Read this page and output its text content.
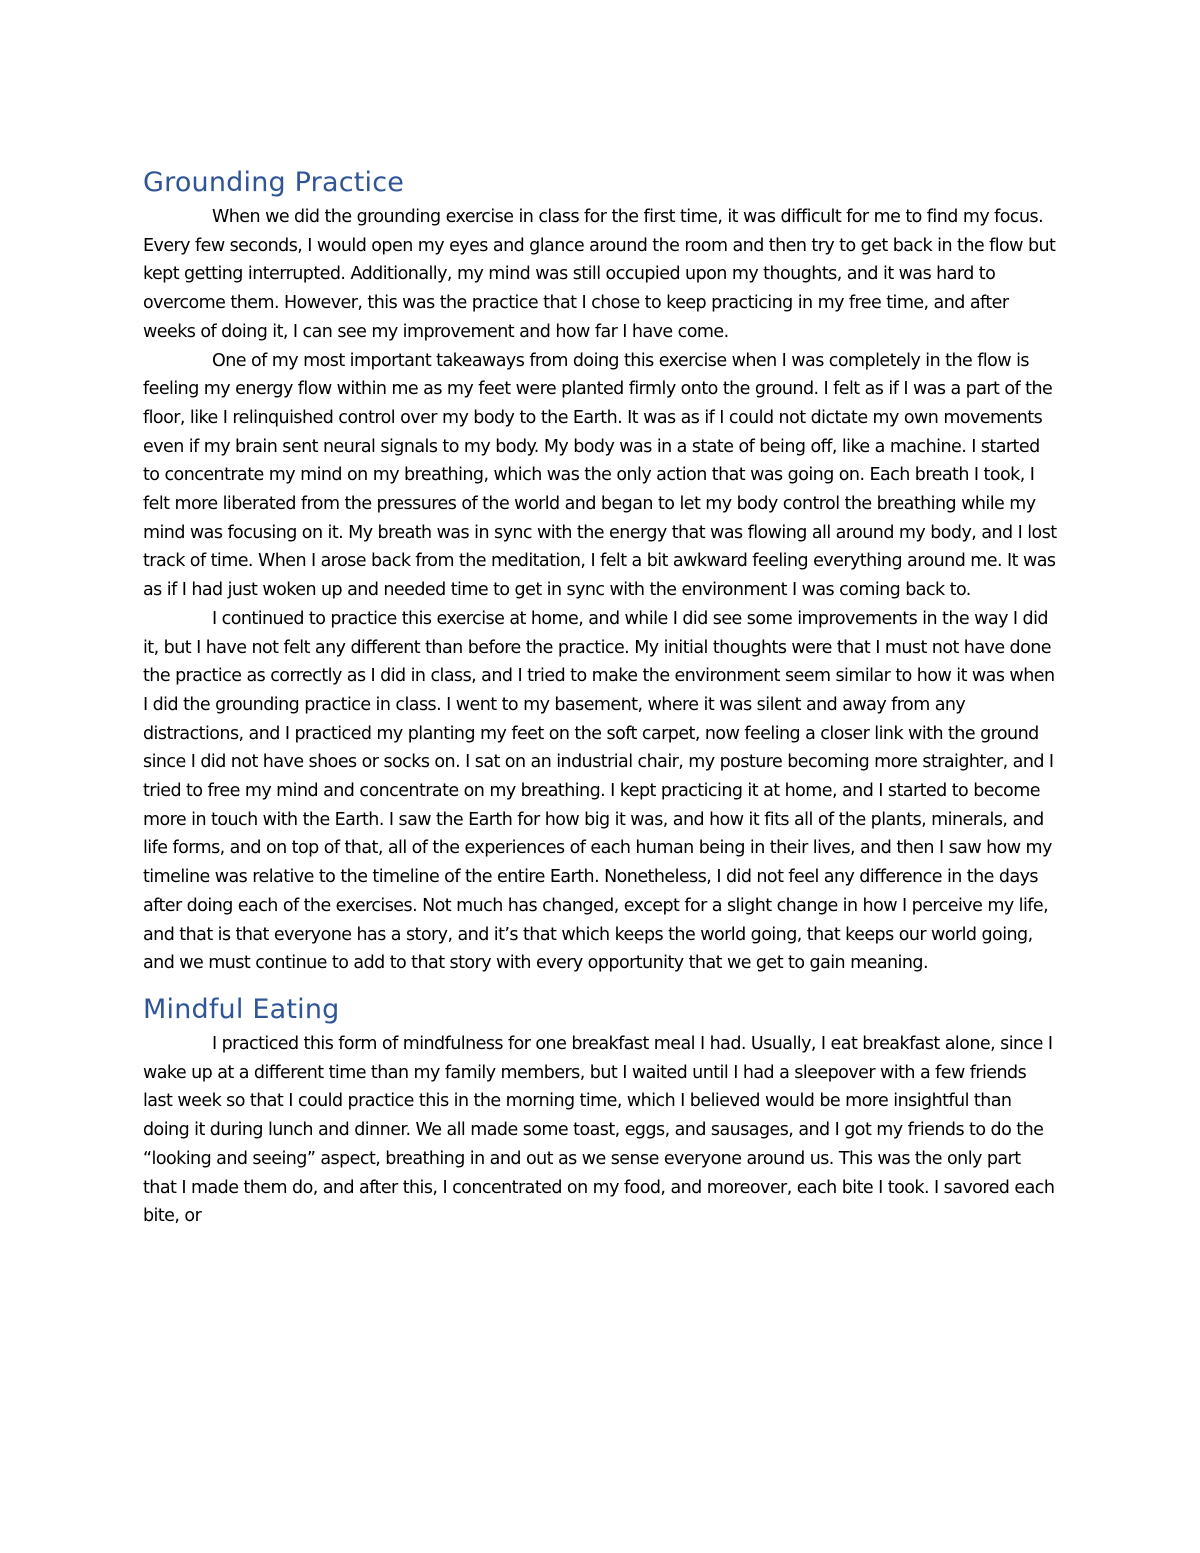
Grounding Practice

When we did the grounding exercise in class for the first time, it was difficult for me to find my focus. Every few seconds, I would open my eyes and glance around the room and then try to get back in the flow but kept getting interrupted. Additionally, my mind was still occupied upon my thoughts, and it was hard to overcome them. However, this was the practice that I chose to keep practicing in my free time, and after weeks of doing it, I can see my improvement and how far I have come.

One of my most important takeaways from doing this exercise when I was completely in the flow is feeling my energy flow within me as my feet were planted firmly onto the ground. I felt as if I was a part of the floor, like I relinquished control over my body to the Earth. It was as if I could not dictate my own movements even if my brain sent neural signals to my body. My body was in a state of being off, like a machine. I started to concentrate my mind on my breathing, which was the only action that was going on. Each breath I took, I felt more liberated from the pressures of the world and began to let my body control the breathing while my mind was focusing on it. My breath was in sync with the energy that was flowing all around my body, and I lost track of time. When I arose back from the meditation, I felt a bit awkward feeling everything around me. It was as if I had just woken up and needed time to get in sync with the environment I was coming back to.

I continued to practice this exercise at home, and while I did see some improvements in the way I did it, but I have not felt any different than before the practice. My initial thoughts were that I must not have done the practice as correctly as I did in class, and I tried to make the environment seem similar to how it was when I did the grounding practice in class. I went to my basement, where it was silent and away from any distractions, and I practiced my planting my feet on the soft carpet, now feeling a closer link with the ground since I did not have shoes or socks on. I sat on an industrial chair, my posture becoming more straighter, and I tried to free my mind and concentrate on my breathing. I kept practicing it at home, and I started to become more in touch with the Earth. I saw the Earth for how big it was, and how it fits all of the plants, minerals, and life forms, and on top of that, all of the experiences of each human being in their lives, and then I saw how my timeline was relative to the timeline of the entire Earth. Nonetheless, I did not feel any difference in the days after doing each of the exercises. Not much has changed, except for a slight change in how I perceive my life, and that is that everyone has a story, and it’s that which keeps the world going, that keeps our world going, and we must continue to add to that story with every opportunity that we get to gain meaning.

Mindful Eating

I practiced this form of mindfulness for one breakfast meal I had. Usually, I eat breakfast alone, since I wake up at a different time than my family members, but I waited until I had a sleepover with a few friends last week so that I could practice this in the morning time, which I believed would be more insightful than doing it during lunch and dinner. We all made some toast, eggs, and sausages, and I got my friends to do the “looking and seeing” aspect, breathing in and out as we sense everyone around us. This was the only part that I made them do, and after this, I concentrated on my food, and moreover, each bite I took. I savored each bite, or
